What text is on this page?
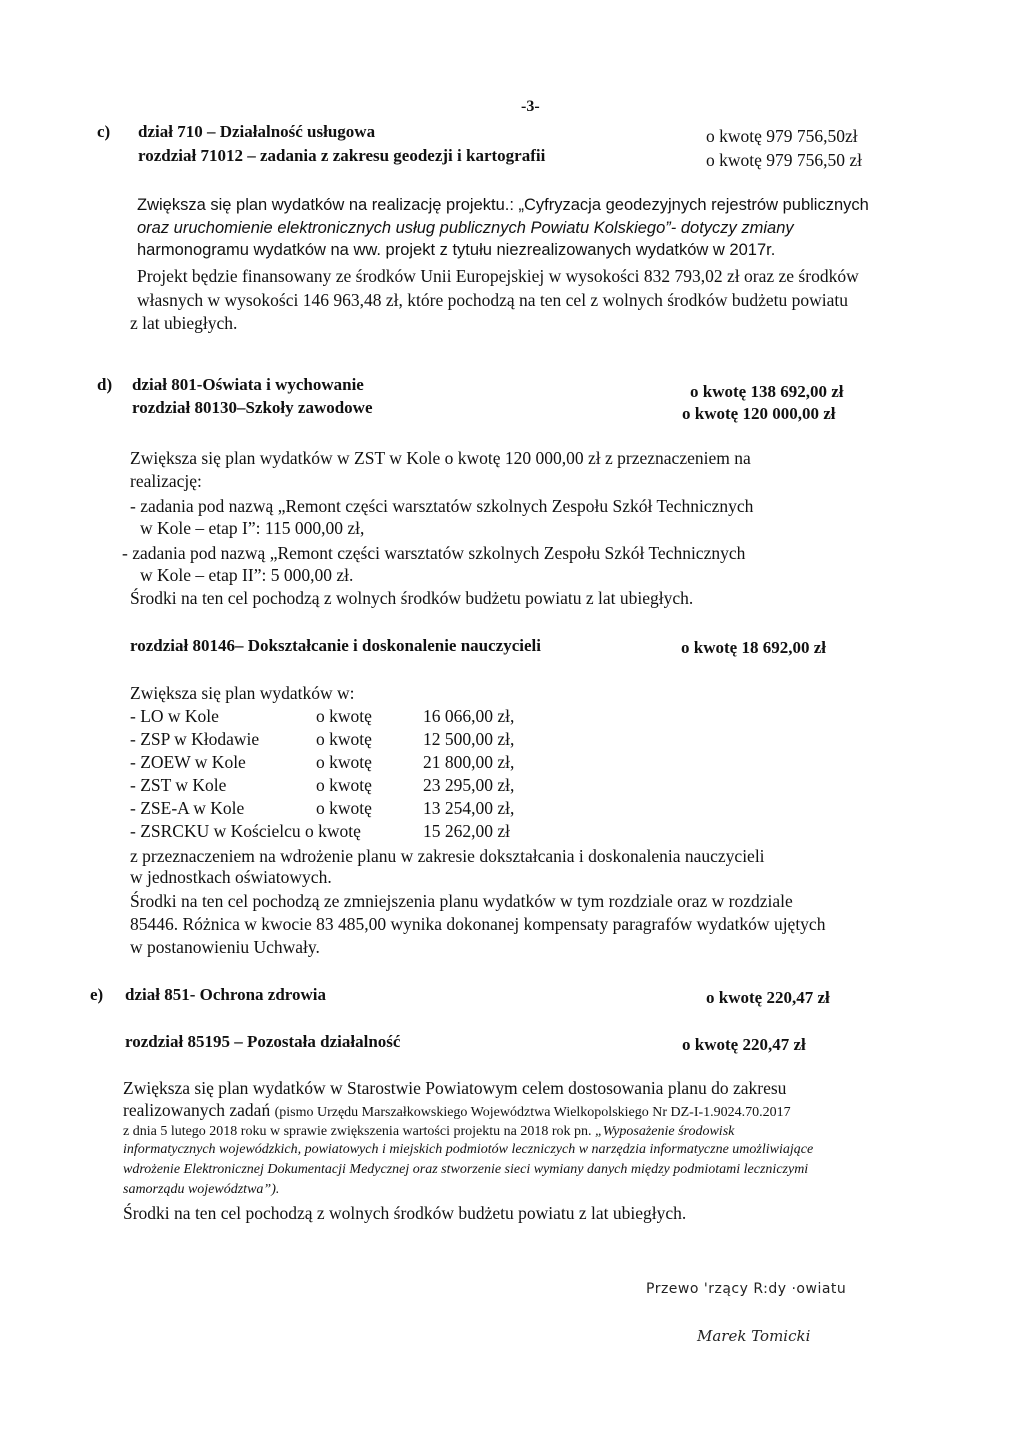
-3-
c) dział 710 – Działalność usługowa	o kwotę 979 756,50zł
rozdział 71012 – zadania z zakresu geodezji i kartografii	o kwotę 979 756,50 zł
Zwiększa się plan wydatków na realizację projektu.: „Cyfryzacja geodezyjnych rejestrów publicznych
oraz uruchomienie elektronicznych usług publicznych Powiatu Kolskiego”- dotyczy zmiany
harmonogramu wydatków na ww. projekt z tytułu niezrealizowanych wydatków w 2017r.
Projekt będzie finansowany ze środków Unii Europejskiej w wysokości 832 793,02 zł oraz ze środków
własnych w wysokości 146 963,48 zł, które pochodzą na ten cel z wolnych środków budżetu powiatu
z lat ubiegłych.
d) dział 801-Oświata i wychowanie	o kwotę 138 692,00 zł
rozdział 80130–Szkoły zawodowe	o kwotę 120 000,00 zł
Zwiększa się plan wydatków w ZST w Kole o kwotę 120 000,00 zł z przeznaczeniem na
realizację:
- zadania pod nazwą „Remont części warsztatów szkolnych Zespołu Szkół Technicznych
w Kole – etap I”: 115 000,00 zł,
- zadania pod nazwą „Remont części warsztatów szkolnych Zespołu Szkół Technicznych
w Kole – etap II”: 5 000,00 zł.
Środki na ten cel pochodzą z wolnych środków budżetu powiatu z lat ubiegłych.
rozdział 80146– Dokształcanie i doskonalenie nauczycieli	o kwotę 18 692,00 zł
Zwiększa się plan wydatków w:
- LO w Kole	o kwotę	16 066,00 zł,
- ZSP w Kłodawie	o kwotę	12 500,00 zł,
- ZOEW w Kole	o kwotę	21 800,00 zł,
- ZST w Kole	o kwotę	23 295,00 zł,
- ZSE-A w Kole	o kwotę	13 254,00 zł,
- ZSRCKU w Kościelcu o kwotę	15 262,00 zł
z przeznaczeniem na wdrożenie planu w zakresie dokształcania i doskonalenia nauczycieli
w jednostkach oświatowych.
Środki na ten cel pochodzą ze zmniejszenia planu wydatków w tym rozdziale oraz w rozdziale
85446. Różnica w kwocie 83 485,00 wynika dokonanej kompensaty paragrafów wydatków ujętych
w postanowieniu Uchwały.
e) dział 851- Ochrona zdrowia	o kwotę 220,47 zł
rozdział 85195 – Pozostała działalność	o kwotę 220,47 zł
Zwiększa się plan wydatków w Starostwie Powiatowym celem dostosowania planu do zakresu
realizowanych zadań (pismo Urzędu Marszałkowskiego Województwa Wielkopolskiego Nr DZ-I-1.9024.70.2017
z dnia 5 lutego 2018 roku w sprawie zwiększenia wartości projektu na 2018 rok pn. „Wyposażenie środowisk
informatycznych wojewódzkich, powiatowych i miejskich podmiotów leczniczych w narzędzia informatyczne umożliwiające
wdrożenie Elektronicznej Dokumentacji Medycznej oraz stworzenie sieci wymiany danych między podmiotami leczniczymi
samorządu województwa”).
Środki na ten cel pochodzą z wolnych środków budżetu powiatu z lat ubiegłych.
Przewo 'rzący R:dy ·owiatu
Marek Tomicki
